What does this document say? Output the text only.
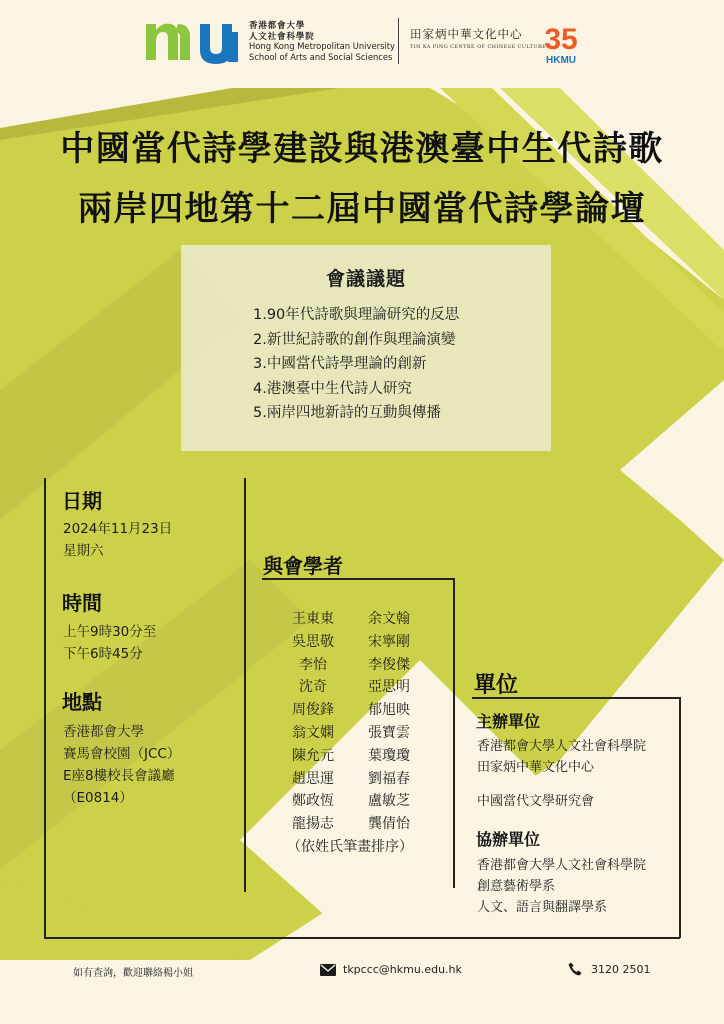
香港都會大學
人文社會科學院
Hong Kong Metropolitan University
School of Arts and Social Sciences
田家炳中華文化中心
TIN KA PING CENTRE OF CHINESE CULTURE
35
HKMU
中國當代詩學建設與港澳臺中生代詩歌
兩岸四地第十二屆中國當代詩學論壇
會議議題
1.90年代詩歌與理論研究的反思
2.新世紀詩歌的創作與理論演變
3.中國當代詩學理論的創新
4.港澳臺中生代詩人研究
5.兩岸四地新詩的互動與傳播
日期
2024年11月23日
星期六
時間
上午9時30分至
下午6時45分
地點
香港都會大學
賽馬會校園（JCC）
E座8樓校長會議廳
（E0814）
與會學者
王東東
吳思敬
李怡
沈奇
周俊鋒
翁文嫻
陳允元
趙思運
鄭政恆
龍揚志
余文翰
宋寧剛
李俊傑
亞思明
郁旭映
張寶雲
葉瓊瓊
劉福春
盧敏芝
龔倩怡
（依姓氏筆畫排序）
單位
主辦單位
香港都會大學人文社會科學院
田家炳中華文化中心
中國當代文學研究會
協辦單位
香港都會大學人文社會科學院
創意藝術學系
人文、語言與翻譯學系
如有查詢，歡迎聯絡楊小姐	tkpccc@hkmu.edu.hk	3120 2501
